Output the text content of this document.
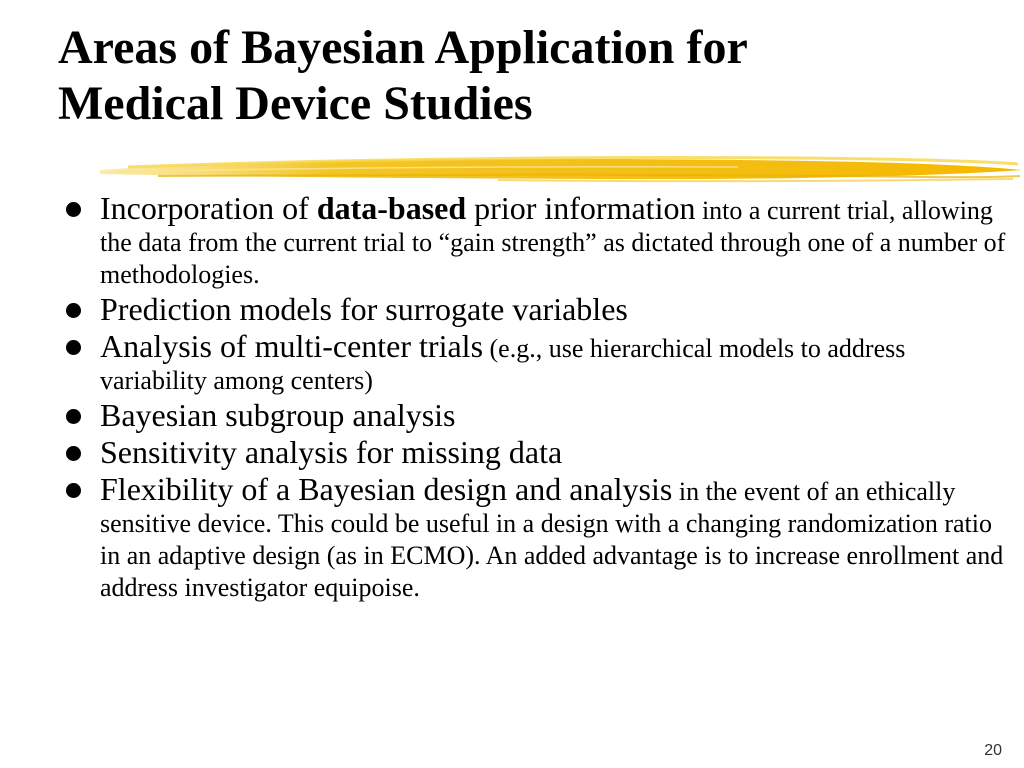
Areas of Bayesian Application for
Medical Device Studies
Incorporation of data-based prior information into a current trial, allowing the data from the current trial to “gain strength” as dictated through one of a number of methodologies.
Prediction models for surrogate variables
Analysis of multi-center trials (e.g., use hierarchical models to address variability among centers)
Bayesian subgroup analysis
Sensitivity analysis for missing data
Flexibility of a Bayesian design and analysis in the event of an ethically sensitive device. This could be useful in a design with a changing randomization ratio in an adaptive design (as in ECMO). An added advantage is to increase enrollment and address investigator equipoise.
20
